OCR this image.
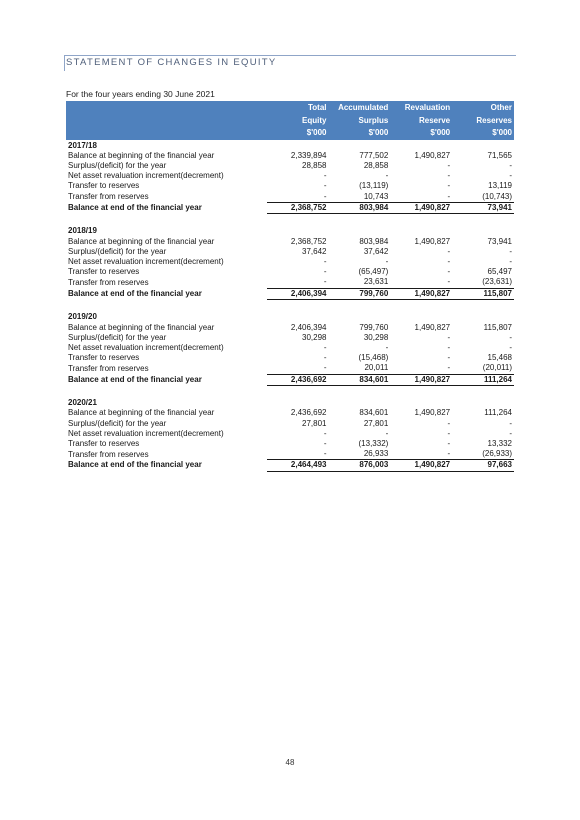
STATEMENT OF CHANGES IN EQUITY
For the four years ending 30 June 2021
	Total	Accumulated	Revaluation	Other
	Equity	Surplus	Reserve	Reserves
	$'000	$'000	$'000	$'000
2017/18				
Balance at beginning of the financial year	2,339,894	777,502	1,490,827	71,565
Surplus/(deficit) for the year	28,858	28,858	-	-
Net asset revaluation increment(decrement)	-	-	-	-
Transfer to reserves	-	(13,119)	-	13,119
Transfer from reserves	-	10,743	-	(10,743)
Balance at end of the financial year	2,368,752	803,984	1,490,827	73,941

2018/19				
Balance at beginning of the financial year	2,368,752	803,984	1,490,827	73,941
Surplus/(deficit) for the year	37,642	37,642	-	-
Net asset revaluation increment(decrement)	-	-	-	-
Transfer to reserves	-	(65,497)	-	65,497
Transfer from reserves	-	23,631	-	(23,631)
Balance at end of the financial year	2,406,394	799,760	1,490,827	115,807

2019/20				
Balance at beginning of the financial year	2,406,394	799,760	1,490,827	115,807
Surplus/(deficit) for the year	30,298	30,298	-	-
Net asset revaluation increment(decrement)	-	-	-	-
Transfer to reserves	-	(15,468)	-	15,468
Transfer from reserves	-	20,011	-	(20,011)
Balance at end of the financial year	2,436,692	834,601	1,490,827	111,264

2020/21				
Balance at beginning of the financial year	2,436,692	834,601	1,490,827	111,264
Surplus/(deficit) for the year	27,801	27,801	-	-
Net asset revaluation increment(decrement)	-	-	-	-
Transfer to reserves	-	(13,332)	-	13,332
Transfer from reserves	-	26,933	-	(26,933)
Balance at end of the financial year	2,464,493	876,003	1,490,827	97,663
48
